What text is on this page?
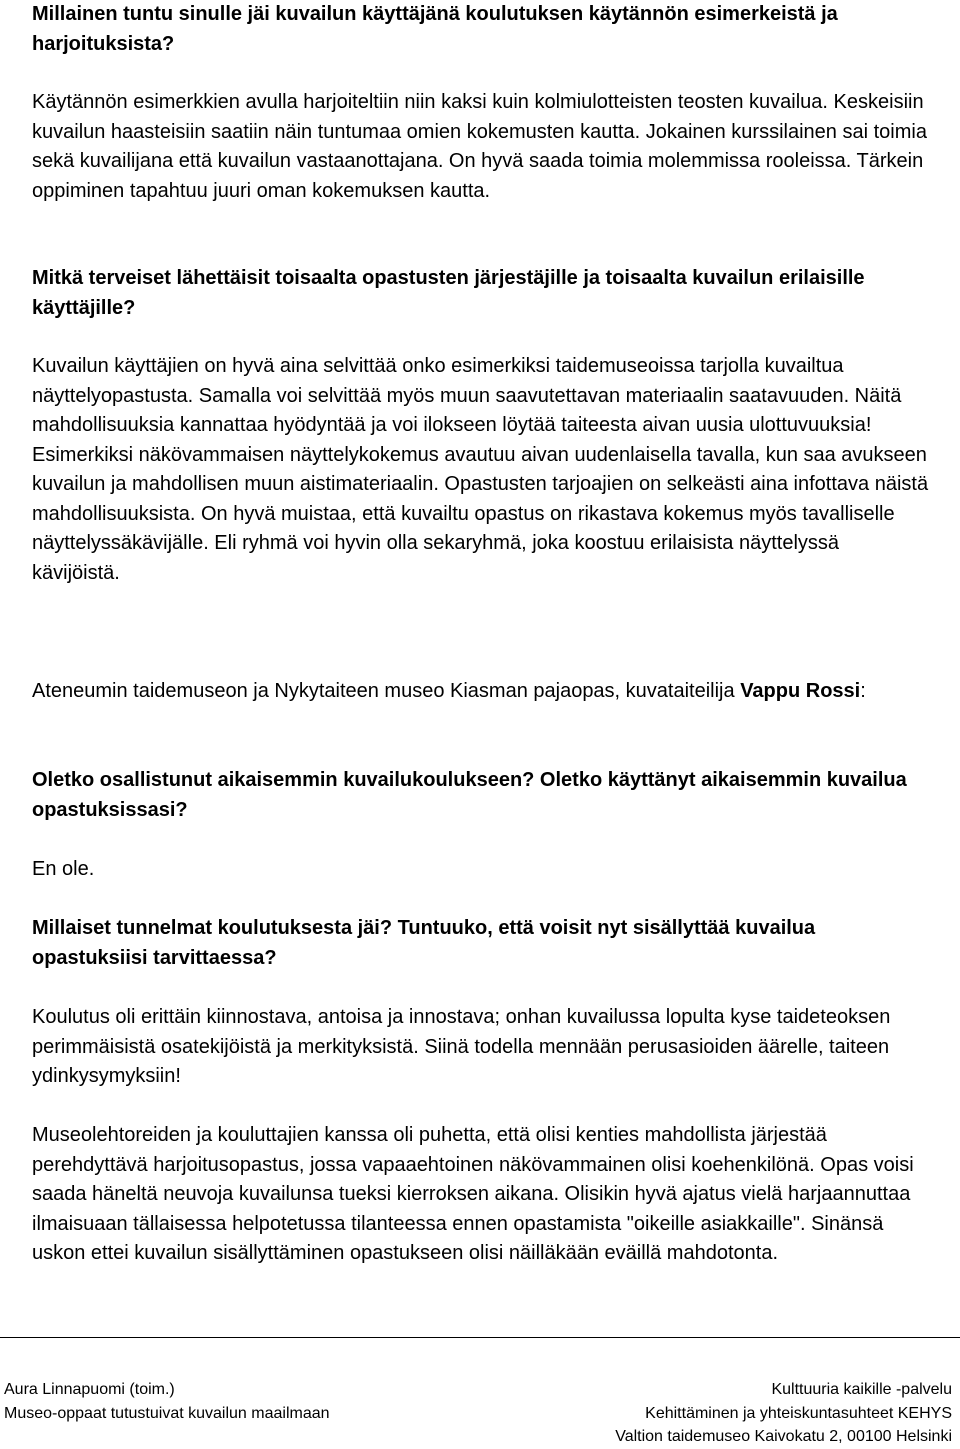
Millainen tuntu sinulle jäi kuvailun käyttäjänä koulutuksen käytännön esimerkeistä ja harjoituksista?

Käytännön esimerkkien avulla harjoiteltiin niin kaksi kuin kolmiulotteisten teosten kuvailua. Keskeisiin kuvailun haasteisiin saatiin näin tuntumaa omien kokemusten kautta. Jokainen kurssilainen sai toimia sekä kuvailijana että kuvailun vastaanottajana. On hyvä saada toimia molemmissa rooleissa. Tärkein oppiminen tapahtuu juuri oman kokemuksen kautta.

Mitkä terveiset lähettäisit toisaalta opastusten järjestäjille ja toisaalta kuvailun erilaisille käyttäjille?

Kuvailun käyttäjien on hyvä aina selvittää onko esimerkiksi taidemuseoissa tarjolla kuvailtua näyttelyopastusta. Samalla voi selvittää myös muun saavutettavan materiaalin saatavuuden. Näitä mahdollisuuksia kannattaa hyödyntää ja voi ilokseen löytää taiteesta aivan uusia ulottuvuuksia! Esimerkiksi näkövammaisen näyttelykokemus avautuu aivan uudenlaisella tavalla, kun saa avukseen kuvailun ja mahdollisen muun aistimateriaalin. Opastusten tarjoajien on selkeästi aina infottava näistä mahdollisuuksista. On hyvä muistaa, että kuvailtu opastus on rikastava kokemus myös tavalliselle näyttelyssäkävijälle. Eli ryhmä voi hyvin olla sekaryhmä, joka koostuu erilaisista näyttelyssä kävijöistä.

Ateneumin taidemuseon ja Nykytaiteen museo Kiasman pajaopas, kuvataiteilija Vappu Rossi:

Oletko osallistunut aikaisemmin kuvailukoulukseen? Oletko käyttänyt aikaisemmin kuvailua opastuksissasi?

En ole.

Millaiset tunnelmat koulutuksesta jäi? Tuntuuko, että voisit nyt sisällyttää kuvailua opastuksiisi tarvittaessa?

Koulutus oli erittäin kiinnostava, antoisa ja innostava; onhan kuvailussa lopulta kyse taideteoksen perimmäisistä osatekijöistä ja merkityksistä. Siinä todella mennään perusasioiden äärelle, taiteen ydinkysymyksiin!

Museolehtoreiden ja kouluttajien kanssa oli puhetta, että olisi kenties mahdollista järjestää perehdyttävä harjoitusopastus, jossa vapaaehtoinen näkövammainen olisi koehenkilönä. Opas voisi saada häneltä neuvoja kuvailunsa tueksi kierroksen aikana. Olisikin hyvä ajatus vielä harjaannuttaa ilmaisuaan tällaisessa helpotetussa tilanteessa ennen opastamista "oikeille asiakkaille". Sinänsä uskon ettei kuvailun sisällyttäminen opastukseen olisi näilläkään eväillä mahdotonta.

Aura Linnapuomi (toim.)
Museo-oppaat tutustuivat kuvailun maailmaan
Kulttuuria kaikille -palvelu
Kehittäminen ja yhteiskuntasuhteet KEHYS
Valtion taidemuseo Kaivokatu 2, 00100 Helsinki
